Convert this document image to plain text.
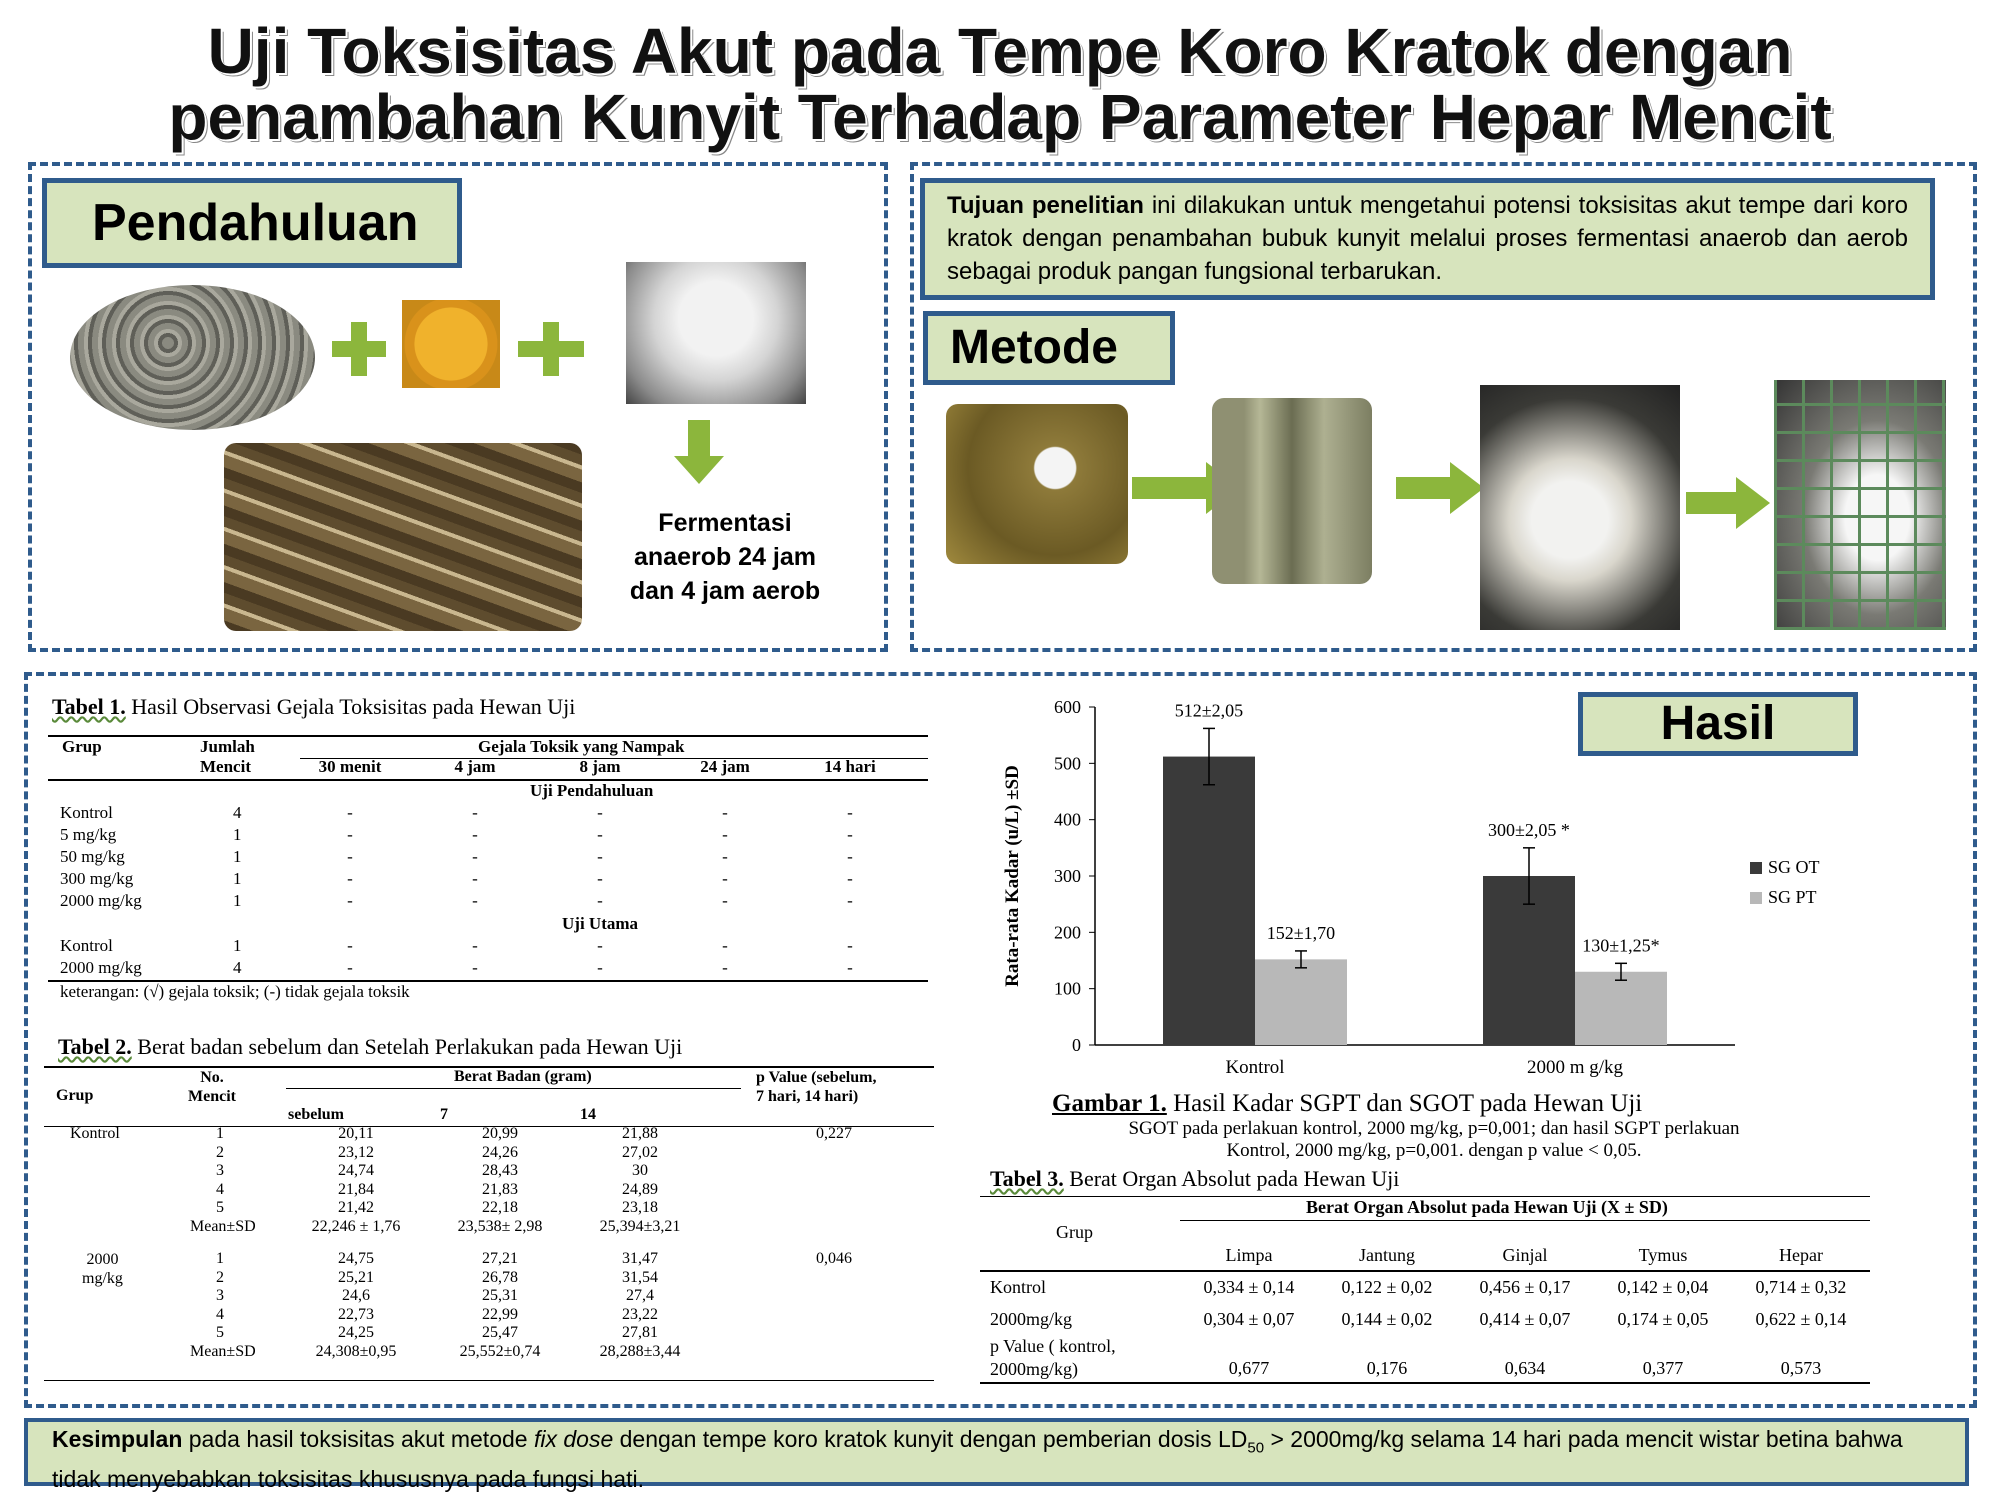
Uji Toksisitas Akut pada Tempe Koro Kratok dengan
penambahan Kunyit Terhadap Parameter Hepar Mencit
Pendahuluan
Fermentasi
anaerob 24 jam
dan 4 jam aerob
Tujuan penelitian ini dilakukan untuk mengetahui potensi toksisitas akut tempe dari koro kratok dengan penambahan bubuk kunyit melalui proses fermentasi anaerob dan aerob sebagai produk pangan fungsional terbarukan.
Metode
Hasil
Tabel 1. Hasil Observasi Gejala Toksisitas pada Hewan Uji
Grup	Jumlah
Mencit
Gejala Toksik yang Nampak
30 menit	4 jam	8 jam	24 jam	14 hari
Uji Pendahuluan
Kontrol	4	-	-	-	-	-
5 mg/kg	1	-	-	-	-	-
50 mg/kg	1	-	-	-	-	-
300 mg/kg	1	-	-	-	-	-
2000 mg/kg	1	-	-	-	-	-
Uji Utama
Kontrol	1	-	-	-	-	-
2000 mg/kg	4	-	-	-	-	-
keterangan: (√) gejala toksik; (-) tidak gejala toksik
Tabel 2. Berat badan sebelum dan Setelah Perlakukan pada Hewan Uji
Grup
No.
Mencit
Berat Badan (gram)	p Value (sebelum,
7 hari, 14 hari)
sebelum	7	14
Kontrol	0,227
1	20,11	20,99	21,88
2	23,12	24,26	27,02
3	24,74	28,43	30
4	21,84	21,83	24,89
5	21,42	22,18	23,18
Mean±SD	22,246 ± 1,76	23,538± 2,98	25,394±3,21
2000
mg/kg
0,046
1	24,75	27,21	31,47
2	25,21	26,78	31,54
3	24,6	25,31	27,4
4	22,73	22,99	23,22
5	24,25	25,47	27,81
Mean±SD	24,308±0,95	25,552±0,74	28,288±3,44
0
100
200
300
400
500
600
Rata-rata Kadar (u/L) ±SD
512±2,05
152±1,70
Kontrol
300±2,05 *
130±1,25*
2000 m g/kg
SG OT
SG PT
Gambar 1. Hasil Kadar SGPT dan SGOT pada Hewan Uji
SGOT pada perlakuan kontrol, 2000 mg/kg, p=0,001; dan hasil SGPT perlakuan
Kontrol, 2000 mg/kg, p=0,001. dengan p value < 0,05.
Tabel 3. Berat Organ Absolut pada Hewan Uji
Berat Organ Absolut pada Hewan Uji (X ± SD)
Grup
Limpa	Jantung	Ginjal	Tymus	Hepar
Kontrol	0,334 ± 0,14	0,122 ± 0,02	0,456 ± 0,17	0,142 ± 0,04	0,714 ± 0,32
2000mg/kg	0,304 ± 0,07	0,144 ± 0,02	0,414 ± 0,07	0,174 ± 0,05	0,622 ± 0,14
p Value ( kontrol,
2000mg/kg)	0,677	0,176	0,634	0,377	0,573
Kesimpulan pada hasil toksisitas akut metode fix dose dengan tempe koro kratok kunyit dengan pemberian dosis $LD_{50} > 2000mg/kg$ selama 14 hari pada mencit wistar betina bahwa tidak menyebabkan toksisitas khususnya pada fungsi hati.
